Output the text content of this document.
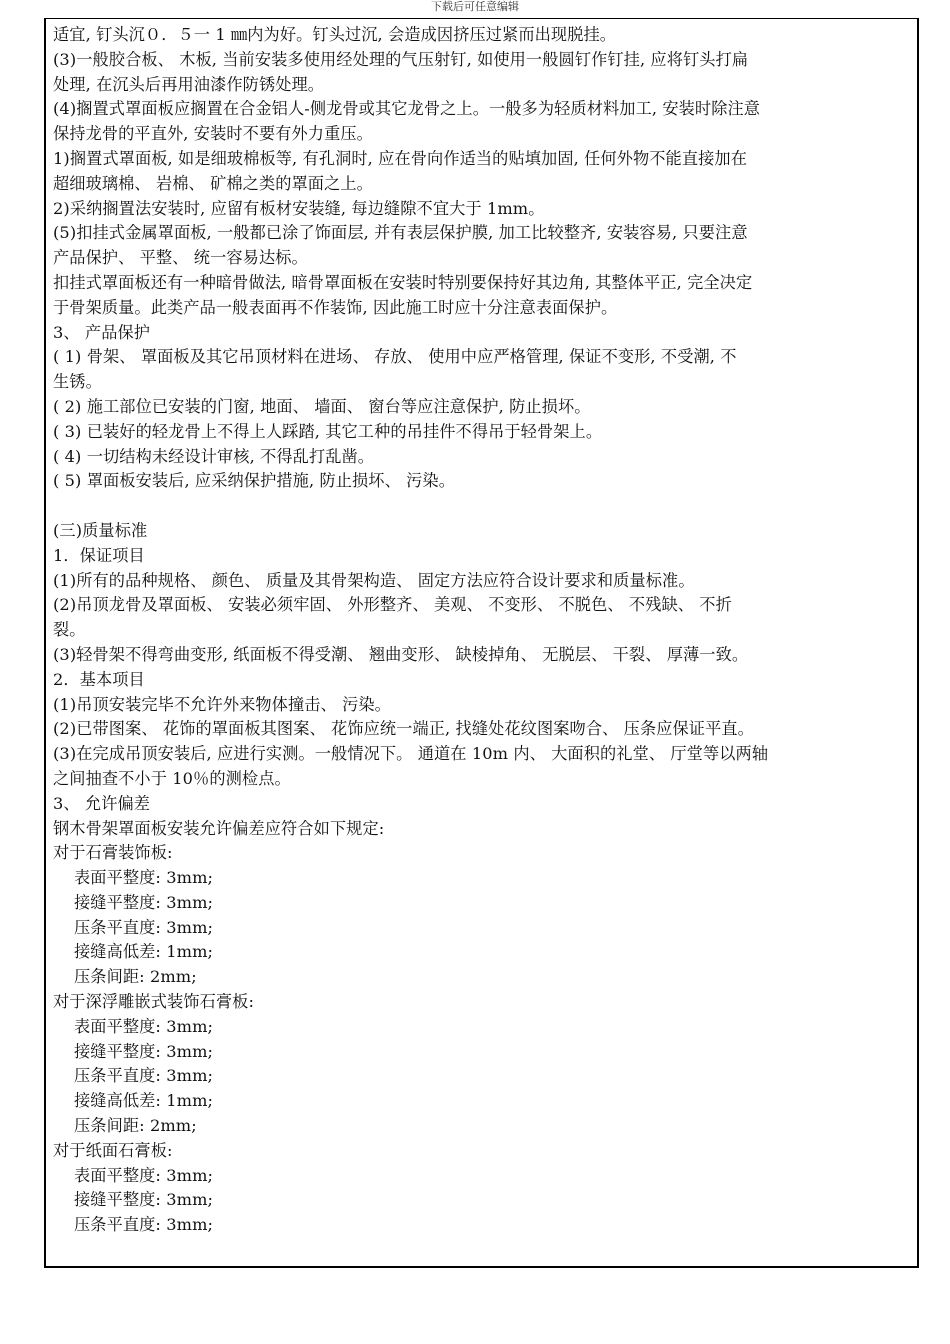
下载后可任意编辑
适宜, 钉头沉０．５一 1 ㎜内为好。钉头过沉, 会造成因挤压过紧而出现脱挂。
(3)一般胶合板、 木板, 当前安装多使用经处理的气压射钉, 如使用一般圆钉作钉挂, 应将钉头打扁
处理, 在沉头后再用油漆作防锈处理。
(4)搁置式罩面板应搁置在合金铝人-侧龙骨或其它龙骨之上。一般多为轻质材料加工, 安装时除注意
保持龙骨的平直外, 安装时不要有外力重压。
1)搁置式罩面板, 如是细玻棉板等, 有孔洞时, 应在骨向作适当的贴填加固, 任何外物不能直接加在
超细玻璃棉、 岩棉、 矿棉之类的罩面之上。
2)采纳搁置法安装时, 应留有板材安装缝, 每边缝隙不宜大于 1mm。
(5)扣挂式金属罩面板, 一般都已涂了饰面层, 并有表层保护膜, 加工比较整齐, 安装容易, 只要注意
产品保护、 平整、 统一容易达标。
扣挂式罩面板还有一种暗骨做法, 暗骨罩面板在安装时特别要保持好其边角, 其整体平正, 完全决定
于骨架质量。此类产品一般表面再不作装饰, 因此施工时应十分注意表面保护。
3、 产品保护
( 1) 骨架、 罩面板及其它吊顶材料在进场、 存放、 使用中应严格管理, 保证不变形, 不受潮, 不
生锈。
( 2) 施工部位已安装的门窗, 地面、 墙面、 窗台等应注意保护, 防止损坏。
( 3) 已装好的轻龙骨上不得上人踩踏, 其它工种的吊挂件不得吊于轻骨架上。
( 4) 一切结构未经设计审核, 不得乱打乱凿。
( 5) 罩面板安装后, 应采纳保护措施, 防止损坏、 污染。
(三)质量标准
1．保证项目
(1)所有的品种规格、 颜色、 质量及其骨架构造、 固定方法应符合设计要求和质量标准。
(2)吊顶龙骨及罩面板、 安装必须牢固、 外形整齐、 美观、 不变形、 不脱色、 不残缺、 不折
裂。
(3)轻骨架不得弯曲变形, 纸面板不得受潮、 翘曲变形、 缺棱掉角、 无脱层、 干裂、 厚薄一致。
2．基本项目
(1)吊顶安装完毕不允许外来物体撞击、 污染。
(2)已带图案、 花饰的罩面板其图案、 花饰应统一端正, 找缝处花纹图案吻合、 压条应保证平直。
(3)在完成吊顶安装后, 应进行实测。一般情况下。 通道在 10m 内、 大面积的礼堂、 厅堂等以两轴
之间抽查不小于 10％的测检点。
3、 允许偏差
钢木骨架罩面板安装允许偏差应符合如下规定:
对于石膏装饰板:
表面平整度: 3mm;
接缝平整度: 3mm;
压条平直度: 3mm;
接缝高低差: 1mm;
压条间距: 2mm;
对于深浮雕嵌式装饰石膏板:
表面平整度: 3mm;
接缝平整度: 3mm;
压条平直度: 3mm;
接缝高低差: 1mm;
压条间距: 2mm;
对于纸面石膏板:
表面平整度: 3mm;
接缝平整度: 3mm;
压条平直度: 3mm;
